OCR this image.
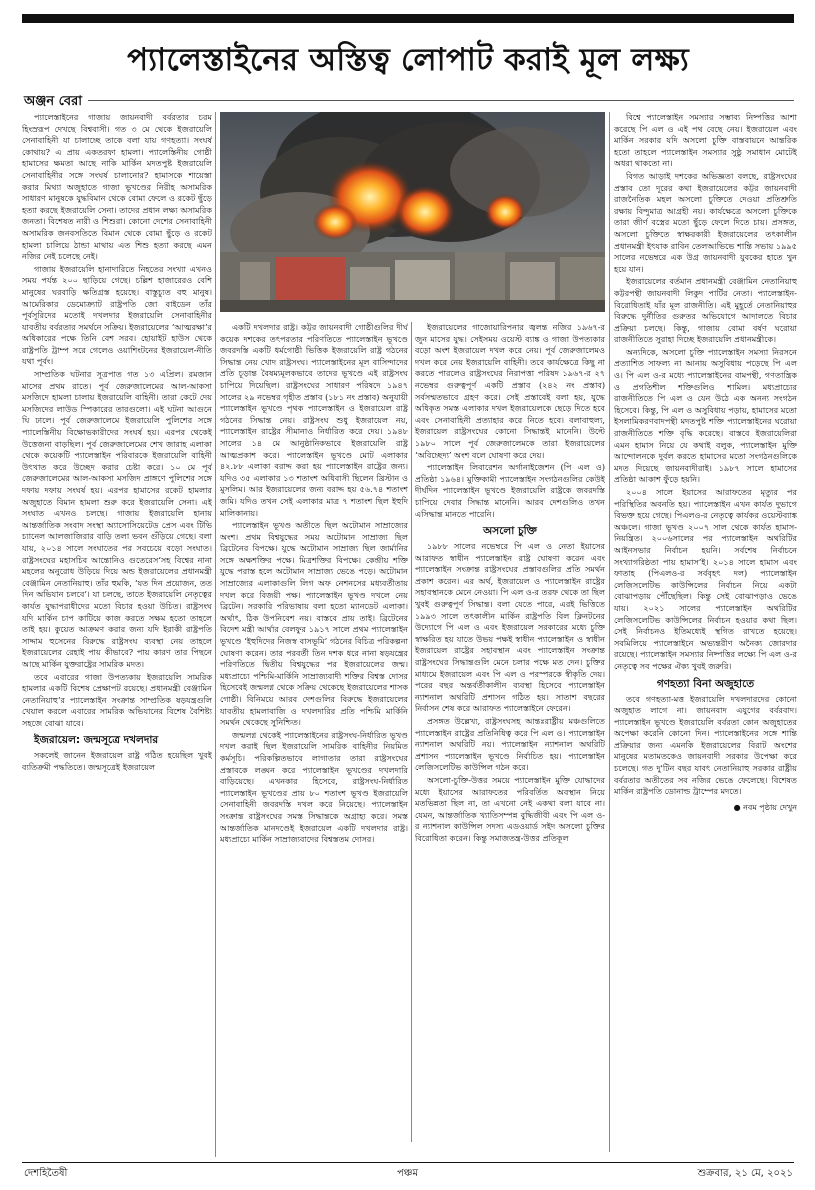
প্যালেস্তাইনের অস্তিত্ব লোপাট করাই মূল লক্ষ্য
অঞ্জন বেরা

প্যালেস্তাইনের গাজায় জায়নবাদী বর্বরতার চরম হিংস্ররূপ দেখছে বিশ্ববাসী। গত ৩ মে থেকে ইজরায়েলি সেনাবাহিনী যা চালাচ্ছে তাকে বলা যায় গণহত্যা। সংঘর্ষ কোথায়? এ প্রায় একতরফা হামলা। প্যালেস্তিনীয় গোষ্ঠী হামাসের ক্ষমতা আছে নাকি মার্কিন মদতপুষ্ট ইজরায়েলি সেনাবাহিনীর সঙ্গে সংঘর্ষ চালানোর? হামাসকে শায়েস্তা করার মিথ্যা অজুহাতে গাজা ভূখণ্ডের নিরীহ অসামরিক সাধারণ মানুষকে যুদ্ধবিমান থেকে বোমা ফেলে ও রকেট ছুঁড়ে হত্যা করছে ইজরায়েলি সেনা। তাদের প্রধান লক্ষ্য অসামরিক জনতা। বিশেষত নারী ও শিশুরা। কোনো দেশের সেনাবাহিনী অসামরিক জনবসতিতে বিমান থেকে বোমা ছুঁড়ে ও রকেট হামলা চালিয়ে ঠান্ডা মাথায় এত শিশু হত্যা করছে এমন নজির নেই চলেছে নেই।

গাজায় ইজরায়েলি হানাদারিতে নিহতের সংখ্যা এখনও সময় পর্যন্ত ২০০ ছাড়িয়ে গেছে। চল্লিশ হাজারেরও বেশি মানুষের ঘরবাড়ি ক্ষতিগ্রস্ত হয়েছে। বাস্তুচ্যুত বহু মানুষ। আমেরিকার ডেমোক্র্যাট রাষ্ট্রপতি জো বাইডেন তাঁর পূর্বসূরিদের মতোই দখলদার ইজরায়েলি সেনাবাহিনীর যাবতীয় বর্বরতার সমর্থনে সক্রিয়। ইজরায়েলের ‘আত্মরক্ষা’র অধিকারের পক্ষে তিনি বেশ সরব। হোয়াইট হাউস থেকে রাষ্ট্রপতি ট্রাম্প সরে গেলেও ওয়াশিংটনের ইজরায়েল-নীতি যথা পূর্বং।

সাম্প্রতিক ঘটনার সূত্রপাত গত ১৩ এপ্রিল। রমজান মাসের প্রথম রাতে। পূর্ব জেরুজালেমের আল-আকসা মসজিদে হামলা চালায় ইজরায়েলি বাহিনী। তারা কেটে দেয় মসজিদের লাউড স্পিকারের তারগুলো। এই ঘটনা আগুনে ঘি ঢালে। পূর্ব জেরুজালেমে ইজরায়েলি পুলিশের সঙ্গে প্যালেস্তিনীয় বিক্ষোভকারীদের সংঘর্ষ হয়। এরপর থেকেই উত্তেজনা বাড়ছিল। পূর্ব জেরুজালেমের শেখ জারাহ এলাকা থেকে কয়েকটি প্যালেস্তাইন পরিবারকে ইজরায়েলি বাহিনী উৎখাত করে উচ্ছেদ করার চেষ্টা করে। ১০ মে পূর্ব জেরুজালেমের আল-আকসা মসজিদ প্রাঙ্গণে পুলিশের সঙ্গে দফায় দফায় সংঘর্ষ হয়। এরপর হামাসের রকেট হামলার অজুহাতে বিমান হামলা শুরু করে ইজরায়েলি সেনা। এই সংঘাত এখনও চলছে। গাজায় ইজরায়েলি হানায় আন্তর্জাতিক সংবাদ সংস্থা অ্যাসোসিয়েটেড প্রেস এবং টিভি চ্যানেল আলজাজিরার বাড়ি তলা ভবন গুঁড়িয়ে গেছে। বলা যায়, ২০১৪ সালে সংঘাতের পর সবচেয়ে বড়ো সংঘাত। রাষ্ট্রসংঘের মহাসচিব আন্তোনিও গুতেরেস‘সহ বিশ্বের নানা মহলের অনুরোধ উড়িয়ে দিয়ে অন্ড ইজরায়েলের প্রধানমন্ত্রী বেঞ্জামিন নেতানিয়াহু। তাঁর হুমকি, ‘যত দিন প্রয়োজন, তত দিন অভিযান চলবে’। যা চলছে, তাতে ইজরায়েলি নেতৃত্বের কার্যত যুদ্ধাপরাধীদের মতো বিচার হওয়া উচিত। রাষ্ট্রসংঘ যদি মার্কিন চাপ কাটিয়ে কাজ করতে সক্ষম হতো তাহলে তাই হয়। কুয়েত আক্রমণ করার জন্য যদি ইরাকী রাষ্ট্রপতি সাদ্দাম হুসেনের বিরুদ্ধে রাষ্ট্রসংঘ ব্যবস্থা নেয় তাহলে ইজরায়েলের রেহাই পায় কীভাবে? পায় কারণ তার পিছনে আছে মার্কিন যুক্তরাষ্ট্রের সামরিক মদত।

তবে এবারের গাজা উপত্যকায় ইজরায়েলি সামরিক হামলার একটি বিশেষ প্রেক্ষাপট রয়েছে। প্রধানমন্ত্রী বেঞ্জামিন নেতানিয়াহু’র প্যালেস্তাইন সংক্রান্ত সাম্প্রতিক ষড়যন্ত্রগুলি খেয়াল করলে এবারের সামরিক অভিযানের বিশেষ বৈশিষ্ট্য সহজে বোঝা যাবে।

ইজরায়েল: জন্মসূত্রে দখলদার

সকলেই জানেন ইজরায়েল রাষ্ট্র গঠিত হয়েছিল খুবই ব্যতিক্রমী পদ্ধতিতে। জন্মসূত্রেই ইজরায়েল

একটি দখলদার রাষ্ট্র। কট্টর জায়নবাদী গোষ্ঠীগুলির দীর্ঘ কয়েক দশকের তৎপরতার পরিণতিতে প্যালেস্তাইন ভূখণ্ডে জবরদস্তি একটি ধর্মগোষ্ঠী ভিত্তিক ইজরায়েলি রাষ্ট্র গঠনের সিদ্ধান্ত নেয় খোদ রাষ্ট্রসংঘ। প্যালেস্তাইনের মূল বাসিন্দাদের প্রতি চূড়ান্ত বৈষম্যমূলকভাবে তাদের ভূখণ্ডে এই রাষ্ট্রসংঘ চাপিয়ে দিয়েছিল। রাষ্ট্রসংঘের সাধারণ পরিষদে ১৯৪৭ সালের ২৯ নভেম্বর গৃহীত প্রস্তাব (১৮১ নং প্রস্তাব) অনুযায়ী প্যালেস্তাইন ভূখণ্ডে পৃথক প্যালেস্তাইন ও ইজরায়েল রাষ্ট্র গঠনের সিদ্ধান্ত নেয়। রাষ্ট্রসংঘ শুধু ইজরায়েল নয়, প্যালেস্তাইন রাষ্ট্রের সীমানাও নির্ধারিত করে দেয়। ১৯৪৮ সালের ১৪ মে আনুষ্ঠানিকভাবে ইজরায়েলি রাষ্ট্র আত্মপ্রকাশ করে। প্যালেস্তাইন ভূখণ্ডে মোট এলাকার ৪২.৮৮ এলাকা বরাদ্দ করা হয় প্যালেস্তাইন রাষ্ট্রের জন্য। যদিও ৩৫ এলাকার ১৩ শতাংশ অধিবাসী ছিলেন খ্রিস্টান ও মুসলিম। আর ইজরায়েলের জন্য বরাদ্দ হয় ৫৬.৭৪ শতাংশ জমি। যদিও তখন সেই এলাকার মাত্র ৭ শতাংশ ছিল ইহুদি মালিকানায়।

প্যালেস্তাইন ভূখণ্ড অতীতে ছিল অটোমান সাম্রাজ্যের অংশ। প্রথম বিশ্বযুদ্ধের সময় অটোমান সাম্রাজ্য ছিল ব্রিটেনের বিপক্ষে। যুদ্ধে অটোমান সাম্রাজ্য ছিল জার্মানির সঙ্গে অক্ষশক্তির পক্ষে। মিত্রশক্তির বিপক্ষে। কেন্দ্রীয় শক্তি যুদ্ধে পরাস্ত হলে অটোমান সাম্রাজ্য ভেঙে পড়ে। অটোমান সাম্রাজ্যের এলাকাগুলি লিগ অফ নেশনসের মধ্যবর্তীতায় দখল করে বিজয়ী পক্ষ। প্যালেস্তাইন ভূখণ্ড দখলে নেয় ব্রিটেন। সরকারি পরিভাষায় বলা হতো ম্যানডেট এলাকা। অর্থাৎ, ঠিক উপনিবেশ নয়। বাস্তবে প্রায় তাই। ব্রিটেনের বিদেশ মন্ত্রী আর্থার বেলফুর ১৯১৭ সালে প্রথম প্যালেস্তাইন ভূখণ্ডে ‘ইহুদিদের নিজস্ব বাসভূমি’ গঠনের বিচিত্র পরিকল্পনা ঘোষণা করেন। তার পরবর্তী তিন দশক ধরে নানা ষড়যন্ত্রের পরিণতিতে দ্বিতীয় বিশ্বযুদ্ধের পর ইজরায়েলের জন্ম। মধ্যপ্রাচ্যে পশ্চিমি-মার্কিনি সাম্রাজ্যবাদী শক্তির বিশ্বস্ত দোসর হিসেবেই জন্মলগ্ন থেকে সক্রিয় থেকেছে ইজরায়েলের শাসক গোষ্ঠী। বিনিময়ে আরব দেশগুলির বিরুদ্ধে ইজরায়েলের যাবতীয় হামলাবাজি ও দখলদারির প্রতি পশ্চিমি মার্কিনি সমর্থন থেকেছে সুনিশ্চিত।

জন্মলগ্ন থেকেই প্যালেস্তাইনের রাষ্ট্রসংঘ-নির্ধারিত ভূখণ্ড দখল করাই ছিল ইজরায়েলি সামরিক বাহিনীর নিয়মিত কর্মসূচি। পরিকল্পিতভাবে লাগাতার তারা রাষ্ট্রসংঘের প্রস্তাবকে লঙ্ঘন করে প্যালেস্তাইন ভূখণ্ডের দখলদারি বাড়িয়েছে। এখনকার হিসেবে, রাষ্ট্রসংঘ-নির্ধারিত প্যালেস্তাইন ভূখণ্ডের প্রায় ৮০ শতাংশ ভূখণ্ড ইজরায়েলি সেনাবাহিনী জবরদস্তি দখল করে নিয়েছে। প্যালেস্তাইন সংক্রান্ত রাষ্ট্রসংঘের সমস্ত সিদ্ধান্তকে অগ্রাহ্য করে। সমস্ত আন্তর্জাতিক মানদণ্ডেই ইজরায়েল একটি দখলদার রাষ্ট্র। মধ্যপ্রাচ্যে মার্কিন সাম্রাজ্যবাদের বিশ্বস্ততম দোসর।

ইজরায়েলের গাজোয়ারিপনার জ্বলন্ত নজির ১৯৬৭-র জুন মাসের যুদ্ধ। সেইসময় ওয়েস্ট ব্যাঙ্ক ও গাজা উপত্যকার বড়ো অংশ ইজরায়েল দখল করে নেয়। পূর্ব জেরুজালেমও দখল করে নেয় ইজরায়েলি বাহিনী। তবে কার্যক্ষেত্রে কিছু না করতে পারলেও রাষ্ট্রসংঘের নিরাপত্তা পরিষদ ১৯৬৭-র ২৭ নভেম্বর গুরুত্বপূর্ণ একটি প্রস্তাব (২৪২ নং প্রস্তাব) সর্বসম্মতভাবে গ্রহণ করে। সেই প্রস্তাবেই বলা হয়, যুদ্ধে অধিকৃত সমস্ত এলাকার দখল ইজরায়েলকে ছেড়ে দিতে হবে এবং সেনাবাহিনী প্রত্যাহার করে নিতে হবে। বলাবাহুল্য, ইজরায়েল রাষ্ট্রসংঘের কোনো সিদ্ধান্তই মানেনি। উল্টে ১৯৮০ সালে পূর্ব জেরুজালেমকে তারা ইজরায়েলের ‘অবিচ্ছেদ্য’ অংশ বলে ঘোষণা করে দেয়।

প্যালেস্তাইন লিবারেশন অর্গানাইজেশন (পি এল ও) প্রতিষ্ঠা ১৯৬৪। মুক্তিকামী প্যালেস্তাইন সংগঠনগুলির কেউই দীর্ঘদিন প্যালেস্তাইন ভূখণ্ডে ইজরায়েলি রাষ্ট্রকে জবরদস্তি চাপিয়ে দেবার সিদ্ধান্ত মানেনি। আরব দেশগুলিও তখন এসিদ্ধান্ত মানতে পারেনি।

অসলো চুক্তি

১৯৮৮ সালের নভেম্বরে পি এল ও নেতা ইয়াসের আরাফত স্বাধীন প্যালেস্তাইন রাষ্ট্র ঘোষণা করেন এবং প্যালেস্তাইন সংক্রান্ত রাষ্ট্রসংঘের প্রস্তাবগুলির প্রতি সমর্থন প্রকাশ করেন। এর অর্থ, ইজরায়েল ও প্যালেস্তাইন রাষ্ট্রের সহাবস্থানকে মেনে নেওয়া। পি এল ও-র তরফ থেকে তা ছিল খুবই গুরুত্বপূর্ণ সিদ্ধান্ত। বলা যেতে পারে, এরই ভিত্তিতে ১৯৯৩ সালে তৎকালীন মার্কিন রাষ্ট্রপতি বিল ক্লিনটনের উদ্যোগে পি এল ও এবং ইজরায়েল সরকারের মধ্যে চুক্তি স্বাক্ষরিত হয় যাতে উভয় পক্ষই স্বাধীন প্যালেস্তাইন ও স্বাধীন ইজরায়েল রাষ্ট্রের সহাবস্থান এবং প্যালেস্তাইন সংক্রান্ত রাষ্ট্রসংঘের সিদ্ধান্তগুলি মেনে চলার পক্ষে মত দেন। চুক্তির মাধ্যমে ইজরায়েল এবং পি এল ও পরস্পরকে স্বীকৃতি দেয়। পরের বছর অন্তর্বর্তীকালীন ব্যবস্থা হিসেবে প্যালেস্তাইন ন্যাশনাল অথরিটি প্রশাসন গঠিত হয়। সাতাশ বছরের নির্বাসন শেষ করে আরাফত প্যালেস্তাইনে ফেরেন।

প্রসঙ্গত উল্লেখ্য, রাষ্ট্রসংঘসহ আন্তঃরাষ্ট্রীয় মঞ্চগুলিতে প্যালেস্তাইন রাষ্ট্রের প্রতিনিধিত্ব করে পি এল ও। প্যালেস্তাইন ন্যাশনাল অথরিটি নয়। প্যালেস্তাইন ন্যাশনাল অথরিটি প্রশাসন প্যালেস্তাইন ভূখণ্ডে নির্বাচিত হয়। প্যালেস্তাইন লেজিসলেটিভ কাউন্সিল গঠন করে।

অসলো-চুক্তি-উত্তর সময়ে প্যালেস্তাইন মুক্তি যোদ্ধাদের মধ্যে ইয়াসের আরাফতের পরিবর্তিত অবস্থান নিয়ে মতভিন্নতা ছিল না, তা এখনো নেই একথা বলা যাবে না। যেমন, আন্তর্জাতিক খ্যাতিসম্পন্ন বুদ্ধিজীবী এবং পি এল ও-র ন্যাশনাল কাউন্সিল সদস্য এডওয়ার্ড সইদ অসলো চুক্তির বিরোধিতা করেন। কিন্তু সমাজতন্ত্র-উত্তর প্রতিকূল

বিশ্বে প্যালেস্তাইন সমস্যার সম্ভাব্য নিষ্পত্তির আশা করেছে পি এল ও এই পথ বেছে নেয়। ইজরায়েল এবং মার্কিন সরকার যদি অসলো চুক্তি বাস্তবায়নে আন্তরিক হতো তাহলে প্যালেস্তাইন সমস্যার সুষ্ঠু সমাধান মোটেই অধরা থাকতো না।

বিগত আড়াই দশকের অভিজ্ঞতা বলছে, রাষ্ট্রসংঘের প্রস্তাব তো দূরের কথা ইজরায়েলের কট্টর জায়নবাদী রাজনৈতিক মহল অসলো চুক্তিতে দেওয়া প্রতিশ্রুতি রক্ষায় বিন্দুমাত্র আগ্রহী নয়। কার্যক্ষেত্রে অসলো চুক্তিকে তারা জীর্ণ বস্ত্রের মতো ছুঁড়ে ফেলে দিতে চায়। প্রসঙ্গত, অসলো চুক্তিতে স্বাক্ষরকারী ইজরায়েলের তৎকালীন প্রধানমন্ত্রী ইৎযাক রাবিন তেলআভিভে শান্তি সভায় ১৯৯৫ সালের নভেম্বরে এক উগ্র জায়নবাদী যুবকের হাতে খুন হয়ে যান।

ইজরায়েলের বর্তমান প্রধানমন্ত্রী বেঞ্জামিন নেতানিয়াহু কট্টরপন্থী জায়নবাদী লিকুদ পার্টির নেতা। প্যালেস্তাইন-বিরোধিতাই যাঁর মূল রাজনীতি। এই মুহূর্তে নেতানিয়াহুর বিরুদ্ধে দুর্নীতির গুরুতর অভিযোগে আদালতে বিচার প্রক্রিয়া চলছে। কিন্তু, গাজায় বোমা বর্ষণ ঘরোয়া রাজনীতিতে সুরাহা দিচ্ছে ইজরায়েলি প্রধানমন্ত্রীকে।

অন্যদিকে, অসলো চুক্তি প্যালেস্তাইন সমস্যা নিরসনে প্রত্যাশিত সাফল্য না আনায় অসুবিধায় পড়েছে পি এল ও। পি এল ও-র মধ্যে প্যালেস্তাইনের বামপন্থী, গণতান্ত্রিক ও প্রগতিশীল শক্তিগুলিও শামিল। মধ্যপ্রাচ্যের রাজনীতিতে পি এল ও যেন উঠে এক অনন্য সংগঠন হিসেবে। কিন্তু, পি এল ও অসুবিধায় পড়ায়, হামাসের মতো ইসলামিকরণবাদপন্থী মদতপুষ্ট শক্তি প্যালেস্তাইনের ঘরোয়া রাজনীতিতে শক্তি বৃদ্ধি করেছে। বাস্তবে ইজরায়েলিরা এমন হামাস নিয়ে যে কথাই বলুক, প্যালেস্তাইন মুক্তি আন্দোলনকে দুর্বল করতে হামাসের মতো সংগঠনগুলিকে মদত দিয়েছে জায়নবাদীরাই। ১৯৮৭ সালে হামাসের প্রতিষ্ঠা আকাশ ফুঁড়ে হয়নি।

২০০৪ সালে ইয়াসের আরাফতের মৃত্যুর পর পরিস্থিতির অবনতি হয়। প্যালেস্তাইন এখন কার্যত দুভাগে বিভক্ত হয়ে গেছে। পিএলও-র নেতৃত্বে কার্যকর ওয়েস্টব্যাঙ্ক অঞ্চলে। গাজা ভূখণ্ড ২০০৭ সাল থেকে কার্যত হামাস-নিয়ন্ত্রিত। ২০০৬সালের পর প্যালেস্তাইন অথরিটির আইনসভার নির্বাচন হয়নি। সর্বশেষ নির্বাচনে সংখ্যাগরিষ্ঠতা পায় হামাস’ই। ২০১৪ সালে হামাস এবং ফাতাহ (পিএলও-র সর্ববৃহৎ দল) প্যালেস্তাইন লেজিসলেটিভ কাউন্সিলের নির্বাচন নিয়ে একটা বোঝাপড়ায় পৌঁছেছিল। কিন্তু সেই বোঝাপড়াও ভেঙে যায়। ২০২১ সালের প্যালেস্তাইন অথরিটির লেজিসলেটিভ কাউন্সিলের নির্বাচন হওয়ার কথা ছিল। সেই নির্বাচনও ইতিমধ্যেই স্থগিত রাখতে হয়েছে। সবমিলিয়ে প্যালেস্তাইনে অভ্যন্তরীণ অনৈক্য জোরদার রয়েছে। প্যালেস্তাইন সমস্যার নিষ্পত্তির লক্ষ্যে পি এল ও-র নেতৃত্বে সব পক্ষের ঐক্য খুবই জরুরি।

গণহত্যা বিনা অজুহাতে

তবে গণহত্যা-মত্ত ইজরায়েলি দখলদারদের কোনো অজুহাত লাগে না। জায়নবাদ এযুগের বর্বরবাদ। প্যালেস্তাইন ভূখণ্ডে ইজরায়েলি বর্বরতা কোন অজুহাতের অপেক্ষা করেনি কোনো দিন। প্যালেস্তাইনের সঙ্গে শান্তি প্রক্রিয়ার জন্য এমনকি ইজরায়েলের বিরাট অংশের মানুষের মতামতকেও জায়নবাদী সরকার উপেক্ষা করে চলেছে। গত দু'টিন বছর যাবৎ নেতানিয়াহু সরকার রাষ্ট্রীয় বর্বরতার অতীতের সব নজির ভেঙে ফেলেছে। বিশেষত মার্কিন রাষ্ট্রপতি ডোনাল্ড ট্রাম্পের মদতে।

● নবম পৃষ্ঠায় দেখুন
দেশহিতৈষী	পঞ্চম	শুক্রবার, ২১ মে, ২০২১
